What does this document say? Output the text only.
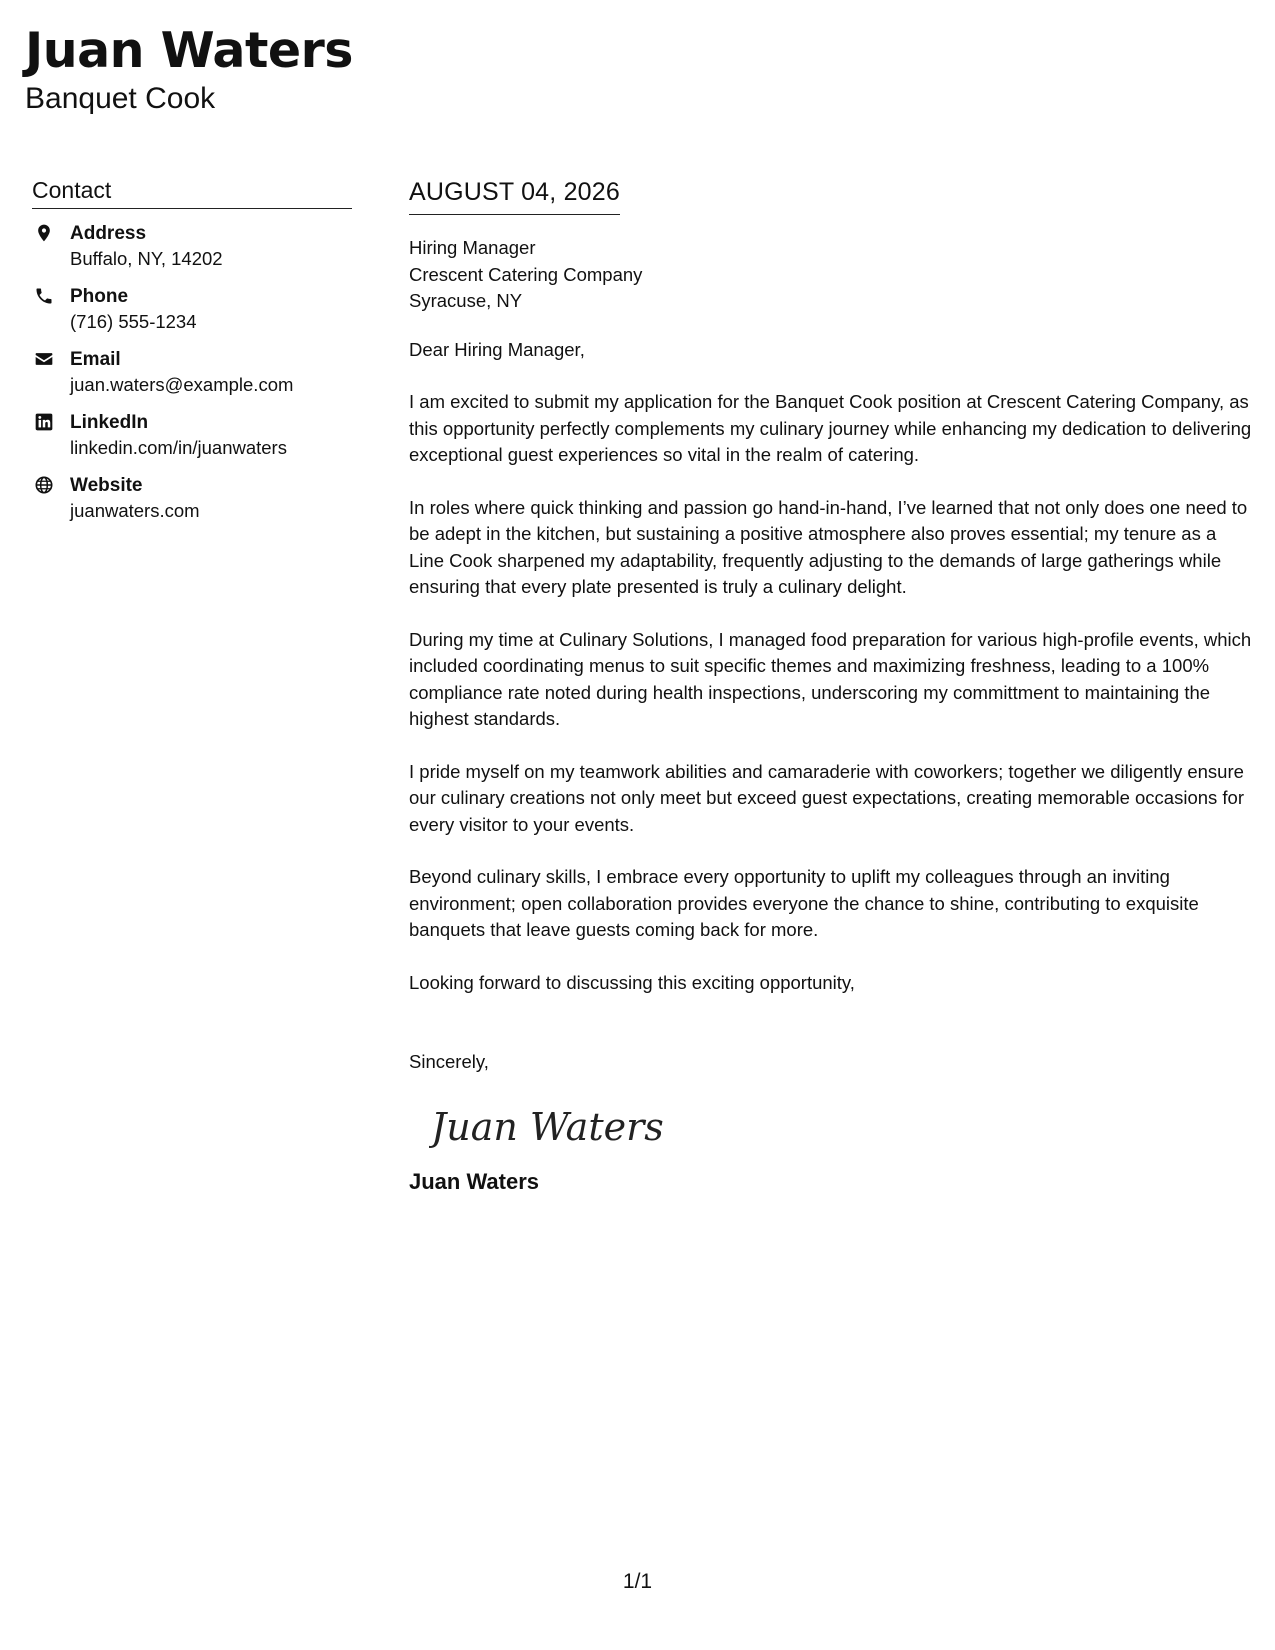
Juan Waters
Banquet Cook
Contact
Address
Buffalo, NY, 14202
Phone
(716) 555-1234
Email
juan.waters@example.com
LinkedIn
linkedin.com/in/juanwaters
Website
juanwaters.com
AUGUST 04, 2026
Hiring Manager
Crescent Catering Company
Syracuse, NY
Dear Hiring Manager,
I am excited to submit my application for the Banquet Cook position at Crescent Catering Company, as this opportunity perfectly complements my culinary journey while enhancing my dedication to delivering exceptional guest experiences so vital in the realm of catering.
In roles where quick thinking and passion go hand-in-hand, I’ve learned that not only does one need to be adept in the kitchen, but sustaining a positive atmosphere also proves essential; my tenure as a Line Cook sharpened my adaptability, frequently adjusting to the demands of large gatherings while ensuring that every plate presented is truly a culinary delight.
During my time at Culinary Solutions, I managed food preparation for various high-profile events, which included coordinating menus to suit specific themes and maximizing freshness, leading to a 100% compliance rate noted during health inspections, underscoring my committment to maintaining the highest standards.
I pride myself on my teamwork abilities and camaraderie with coworkers; together we diligently ensure our culinary creations not only meet but exceed guest expectations, creating memorable occasions for every visitor to your events.
Beyond culinary skills, I embrace every opportunity to uplift my colleagues through an inviting environment; open collaboration provides everyone the chance to shine, contributing to exquisite banquets that leave guests coming back for more.
Looking forward to discussing this exciting opportunity,
Sincerely,
Juan Waters
Juan Waters
1/1
